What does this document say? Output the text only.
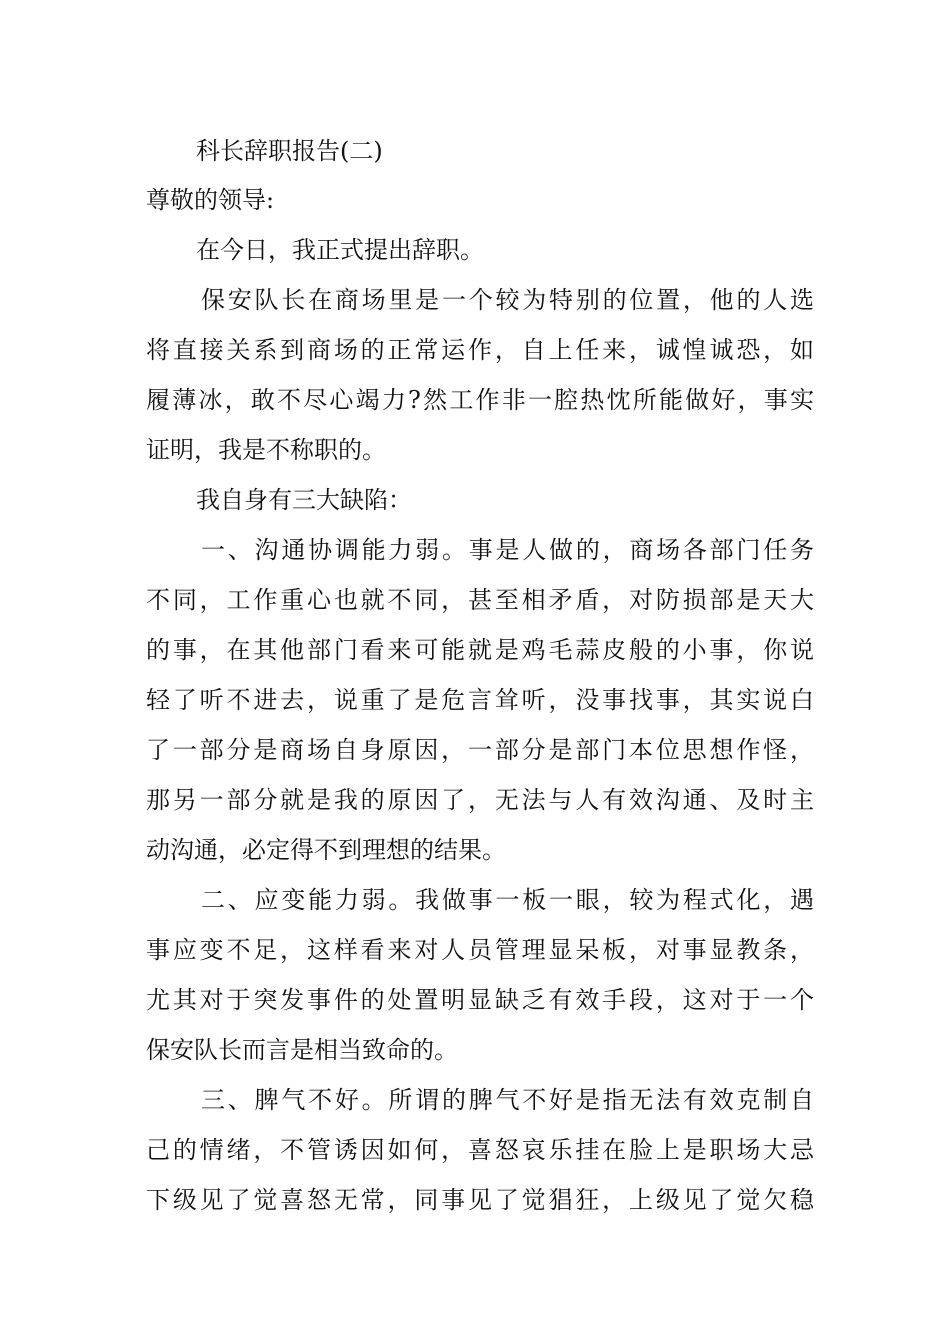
科长辞职报告(二)
尊敬的领导:
在今日，我正式提出辞职。
保安队长在商场里是一个较为特别的位置，他的人选
将直接关系到商场的正常运作，自上任来，诚惶诚恐，如
履薄冰，敢不尽心竭力?然工作非一腔热忱所能做好，事实
证明，我是不称职的。
我自身有三大缺陷：
一、沟通协调能力弱。事是人做的，商场各部门任务
不同，工作重心也就不同，甚至相矛盾，对防损部是天大
的事，在其他部门看来可能就是鸡毛蒜皮般的小事，你说
轻了听不进去，说重了是危言耸听，没事找事，其实说白
了一部分是商场自身原因，一部分是部门本位思想作怪，
那另一部分就是我的原因了，无法与人有效沟通、及时主
动沟通，必定得不到理想的结果。
二、应变能力弱。我做事一板一眼，较为程式化，遇
事应变不足，这样看来对人员管理显呆板，对事显教条，
尤其对于突发事件的处置明显缺乏有效手段，这对于一个
保安队长而言是相当致命的。
三、脾气不好。所谓的脾气不好是指无法有效克制自
己的情绪，不管诱因如何，喜怒哀乐挂在脸上是职场大忌
下级见了觉喜怒无常，同事见了觉猖狂，上级见了觉欠稳
